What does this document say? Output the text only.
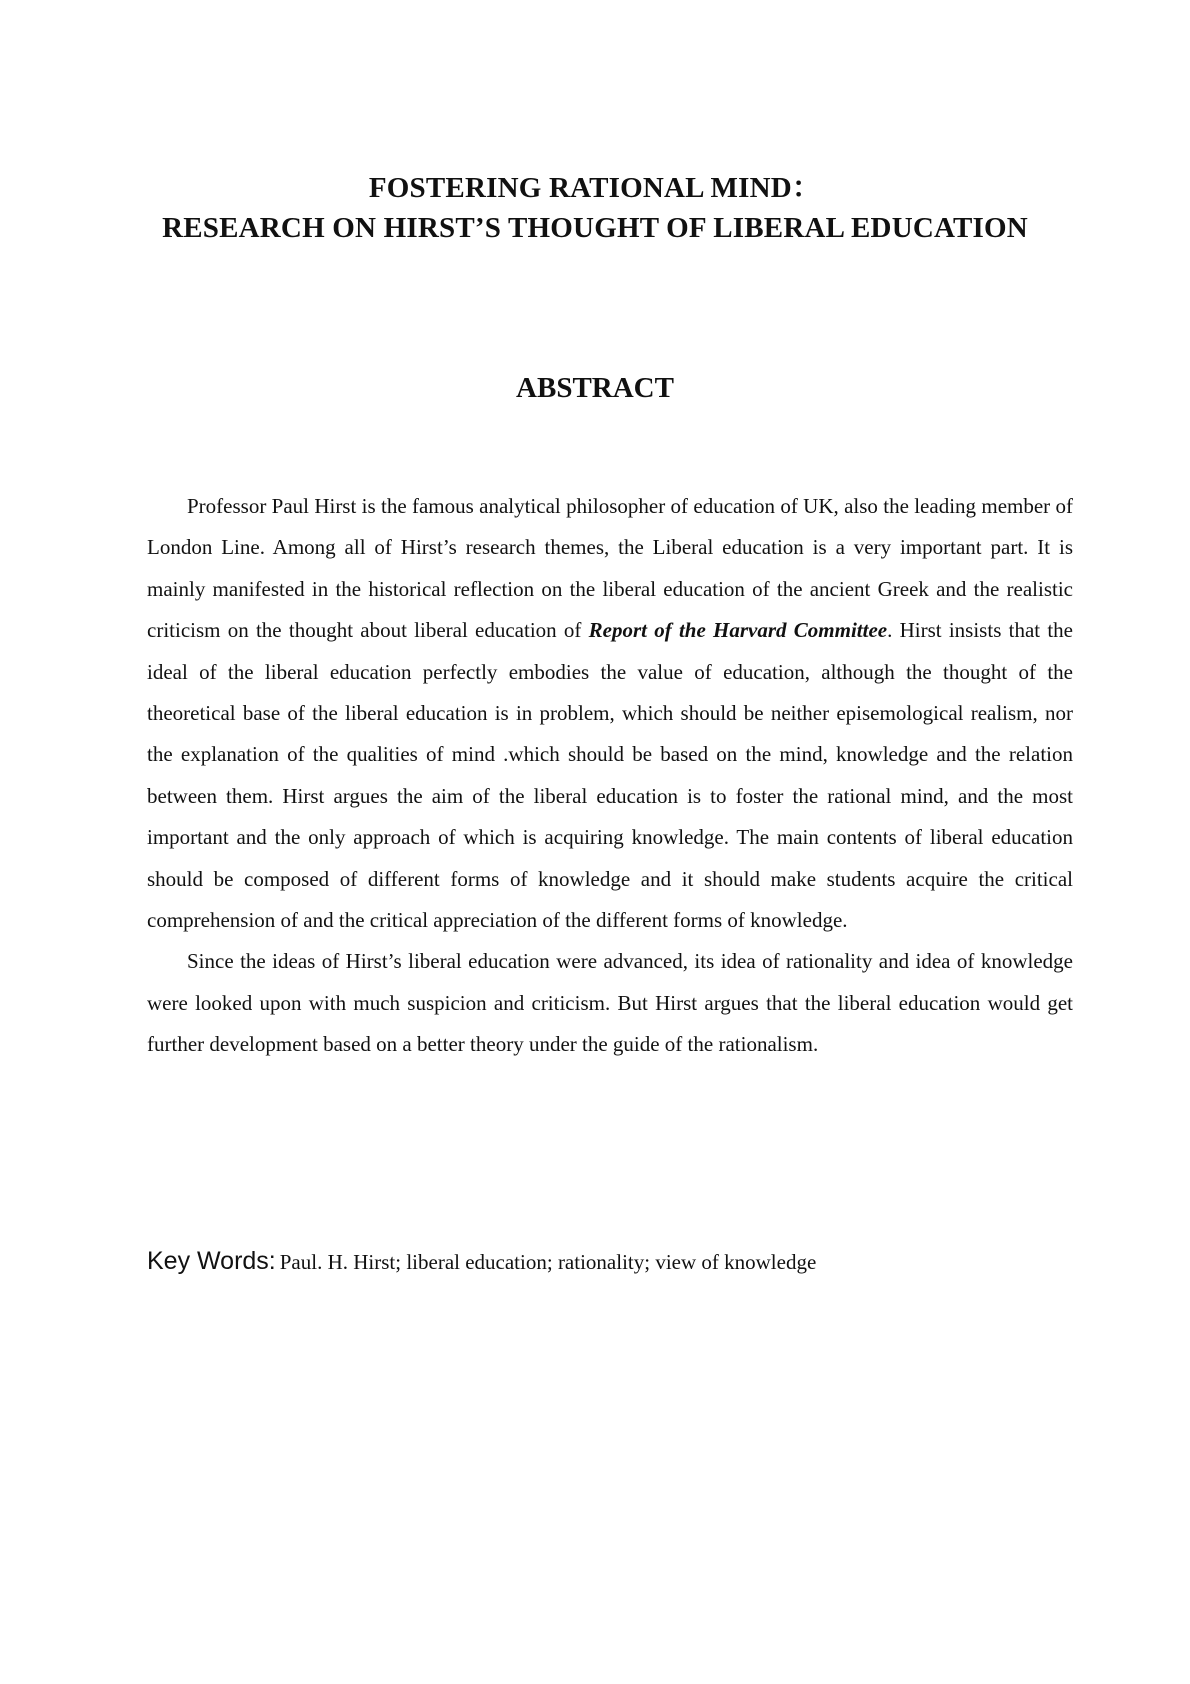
FOSTERING RATIONAL MIND：
RESEARCH ON HIRST’S THOUGHT OF LIBERAL EDUCATION
ABSTRACT

Professor Paul Hirst is the famous analytical philosopher of education of UK, also the leading member of London Line. Among all of Hirst’s research themes, the Liberal education is a very important part. It is mainly manifested in the historical reflection on the liberal education of the ancient Greek and the realistic criticism on the thought about liberal education of Report of the Harvard Committee. Hirst insists that the ideal of the liberal education perfectly embodies the value of education, although the thought of the theoretical base of the liberal education is in problem, which should be neither episemological realism, nor the explanation of the qualities of mind .which should be based on the mind, knowledge and the relation between them. Hirst argues the aim of the liberal education is to foster the rational mind, and the most important and the only approach of which is acquiring knowledge. The main contents of liberal education should be composed of different forms of knowledge and it should make students acquire the critical comprehension of and the critical appreciation of the different forms of knowledge.

Since the ideas of Hirst’s liberal education were advanced, its idea of rationality and idea of knowledge were looked upon with much suspicion and criticism. But Hirst argues that the liberal education would get further development based on a better theory under the guide of the rationalism.

Key Words: Paul. H. Hirst; liberal education; rationality; view of knowledge
